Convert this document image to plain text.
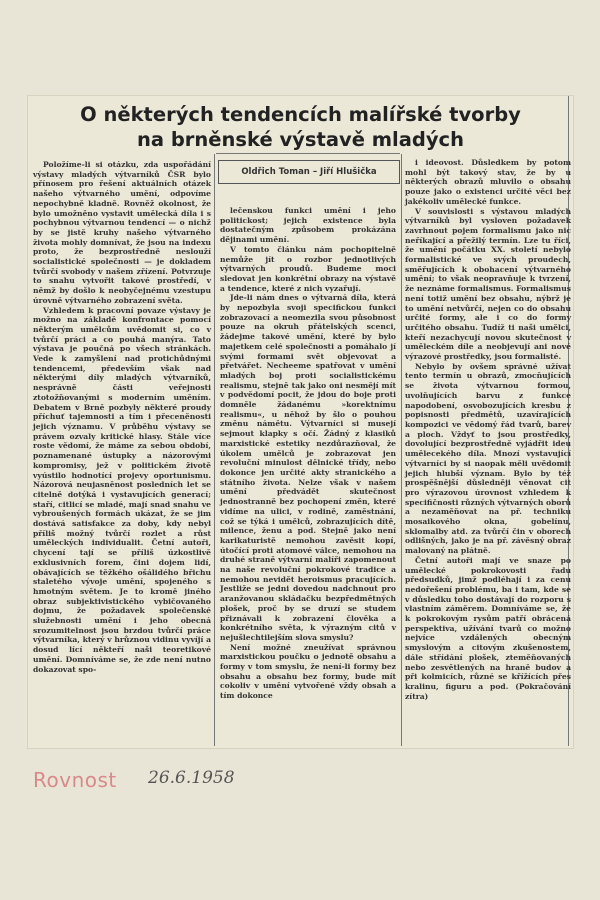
O některých tendencích malířské tvorby
na brněnské výstavě mladých
Oldřich Toman – Jiří Hlušička

Položíme-li si otázku, zda uspořádání výstavy mladých výtvarníků ČSR bylo přínosem pro řešení aktuálních otázek našeho výtvarného umění, odpovíme nepochybně kladně. Rovněž okolnost, že bylo umožněno vystavit umělecká díla i s pochybnou výtvarnou tendencí — o nichž by se jistě kruhy našeho výtvarného života mohly domnívat, že jsou na indexu proto, že bezprostředně neslouží socialistické společnosti — je dokladem tvůrčí svobody v našem zřízení. Potvrzuje to snahu vytvořit takové prostředí, v němž by došlo k neobyčejnému vzestupu úrovně výtvarného zobrazení světa.

Vzhledem k pracovní povaze výstavy je možno na základě konfrontace pomocí některým umělcům uvědomit si, co v tvůrčí práci a co pouhá manýra. Tato výstava je poučná po všech stránkách. Vede k zamyšlení nad protichůdnými tendencemi, především však nad některými díly mladých výtvarníků, nesprávně části veřejnosti ztotožňovanými s moderním uměním. Debatem v Brně pozbyly některé proudy příchuť tajemnosti a tím i přeceněnosti jejich významu. V průběhu výstavy se právem ozvaly kritické hlasy. Stále více roste vědomí, že máme za sebou období, poznamenané ústupky a názorovými kompromisy, jež v politickém životě vyústilo hodnotící projevy oportunismu. Názorová neujasněnost posledních let se citelně dotýká i vystavujících generací; staří, citlicí se mladé, mají snad snahu ve vybroušených formách ukázat, že se jim dostává satisfakce za doby, kdy nebyl příliš možný tvůrčí rozlet a růst uměleckých individualit. Četní autoři, chycení tají se příliš úzkostlivě exklusivních forem, čini dojem lidí, obávajících se těžkého ošálidého břichu staletého vývoje umění, spojeného s hmotným světem. Je to kromě jiného obraz subjektivistického vybičovaného dojmu, že požadavek společenské služebnosti umění i jeho obecná srozumitelnost jsou brzdou tvůrčí práce výtvarníka, který v hrůznou vidinu vyvíjí a dosud lící někteří naši teoretikové umění. Domníváme se, že zde není nutno dokazovat spo-

lečenskou funkci umění i jeho politickost; jejich existence byla dostatečným způsobem prokázána dějinami umění.

V tomto článku nám pochopitelně nemůže jít o rozbor jednotlivých výtvarných proudů. Budeme moci sledovat jen konkrétní obrazy na výstavě a tendence, které z nich vyzařují.

Jde-li nám dnes o výtvarná díla, která by nepozbyla svoji specifickou funkci zobrazovací a neomezila svou působnost pouze na okruh přátelských scenci, žádejme takové umění, které by bylo majetkem celé společnosti a pomáhalo jí svými formami svět objevovat a přetvářet. Necheeme spatřovat v umění mladých boj proti socialistickému realismu, stejně tak jako oni nesmějí mít v podvědomí pocit, že jdou do boje proti domněle žádanému »korektnímu realismu«, u něhož by šlo o pouhou změnu námětu. Výtvarníci si musejí sejmout klapky s očí. Žádný z klasiků marxistické estetiky nezdůrazňoval, že úkolem umělců je zobrazovat jen revoluční minulost dělnické třídy, nebo dokonce jen určité akty stranického a státního života. Nelze však v našem umění předvádět skutečnost jednostranně bez pochopení změn, které vidíme na ulici, v rodině, zaměstnání, což se týká i umělců, zobrazujících dítě, milence, ženu a pod. Stejně jako není karikaturistě nemohou zavěsit kopí, útočící proti atomové válce, nemohou na druhé straně výtvarní malíři zapomenout na naše revoluční pokrokové tradice a nemohou nevidět heroismus pracujících. Jestliže se jedni dovedou nadchnout pro aranžovanou skládačku bezpředmětných plošek, proč by se druzí se studem přiznávali k zobrazení člověka a konkrétního světa, k výrazným citů v nejušlechtilejším slova smyslu?

Není možné zneužívat správnou marxistickou poučku o jednotě obsahu a formy v tom smyslu, že není-li formy bez obsahu a obsahu bez formy, bude mít cokoliv v umění vytvořené vždy obsah a tím dokonce

i ideovost. Důsledkem by potom mohl být takový stav, že by u některých obrazů mluvilo o obsahu pouze jako o existenci určité věci bez jakékoliv umělecké funkce.

V souvislosti s výstavou mladých výtvarníků byl vysloven požadavek zavrhnout pojem formalismu jako nic neříkající a přežilý termín. Lze tu říci, že umění počátku XX. století nebylo formalistické ve svých proudech, směřujících k obohacení výtvarného umění; to však neopravňuje k tvrzení, že neznáme formalismus. Formalismus není totiž umění bez obsahu, nýbrž je to umění netvůrčí, nejen co do obsahu určité formy, ale i co do formy určitého obsahu. Tudíž ti naši umělci, kteří nezachycují novou skutečnost v uměleckém díle a neobjevují ani nové výrazové prostředky, jsou formalisté.

Nebylo by ovšem správné užívat tento termín u obrazů, zmocňujících se života výtvarnou formou, uvolňujících barvu z funkce napodobení, osvobozujících kresbu z popisnosti předmětů, uzavírajících kompozici ve vědomý řád tvarů, barev a ploch. Vždyť to jsou prostředky, dovolující bezprostředně vyjádřit ideu umělecekého díla. Mnozí vystavující výtvarníci by si naopak měli uvědomit jejich hlubší význam. Bylo by též prospěšnější důsledněji věnovat cit pro výrazovou úrovnost vzhledem k specifičnosti různých výtvarných oborů a nezaměňovat na př. techniku mosaikového okna, gobelínu, sklomalby atd. za tvůrčí čin v oborech odlišných, jako je na př. závěsný obraz malovaný na plátně.

Četní autoři mají ve snaze po umělecké pokrokovosti řadu předsudků, jimž podléhají i za cenu nedořešení problému, ba i tam, kde se v důsledku toho dostávají do rozporu s vlastním záměrem. Domníváme se, že k pokrokovým rysům patří obrácená perspektiva, užívání tvarů co možno nejvíce vzdálených obecným smyslovým a citovým zkušenostem, dále střídání plošek, zteměňovaných nebo zesvětlených na hraně budov a při kolmicích, různé se křížících přes kralinu, figuru a pod. (Pokračování zítra)

Rovnost 26.6.1958
